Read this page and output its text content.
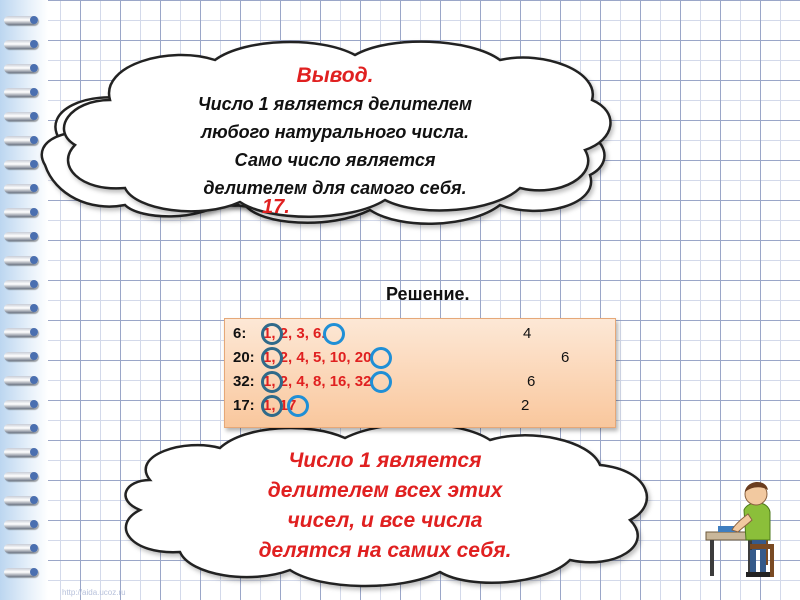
17.
Вывод.
Число 1 является делителем
любого натурального числа.
Само число является
делителем для самого себя.
Решение.
6: 1, 2, 3, 6.	4
20: 1, 2, 4, 5, 10, 20	6
32: 1, 2, 4, 8, 16, 32	6
17: 1, 17	2
Число 1 является
делителем всех этих
чисел, и все числа
делятся на самих себя.
http://aida.ucoz.ru
